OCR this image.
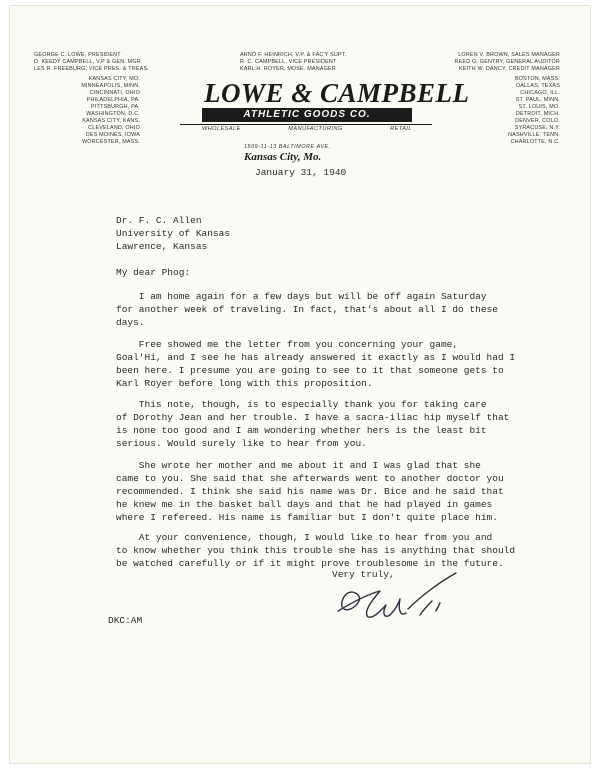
GEORGE C. LOWE, PRESIDENT
D. KEEDY CAMPBELL, V.P & GEN. MGR.
LES R. FREEBURG, VICE PRES. & TREAS.
ARNO F. HEINRICH, V.P. & FAC'Y SUPT.
R. C. CAMPBELL, VICE PRESIDENT
KARL H. ROYER, MDSE. MANAGER
LOREN V. BROWN, SALES MANAGER
REED G. GENTRY, GENERAL AUDITOR
KEITH W. DANCY, CREDIT MANAGER
KANSAS CITY, MO.
MINNEAPOLIS, MINN.
CINCINNATI, OHIO
PHILADELPHIA, PA.
PITTSBURGH, PA.
WASHINGTON, D.C.
KANSAS CITY, KANS.
CLEVELAND, OHIO
DES MOINES, IOWA
WORCESTER, MASS.
BOSTON, MASS.
DALLAS, TEXAS
CHICAGO, ILL.
ST. PAUL, MINN.
ST. LOUIS, MO.
DETROIT, MICH.
DENVER, COLO.
SYRACUSE, N.Y.
NASHVILLE, TENN.
CHARLOTTE, N.C.
LOWE & CAMPBELL
ATHLETIC GOODS CO.
WHOLESALE	MANUFACTURING	RETAIL
1509-11-13 BALTIMORE AVE.
Kansas City, Mo.
January 31, 1940
Dr. F. C. Allen
University of Kansas
Lawrence, Kansas
My dear Phog:
I am home again for a few days but will be off again Saturday
for another week of traveling. In fact, that's about all I do these
days.
Free showed me the letter from you concerning your game,
Goal'Hi, and I see he has already answered it exactly as I would had I
been here. I presume you are going to see to it that someone gets to
Karl Royer before long with this proposition.
This note, though, is to especially thank you for taking care
of Dorothy Jean and her trouble. I have a sacra-iliac hip myself that
is none too good and I am wondering whether hers is the least bit
serious. Would surely like to hear from you.
She wrote her mother and me about it and I was glad that she
came to you. She said that she afterwards went to another doctor you
recommended. I think she said his name was Dr. Bice and he said that
he knew me in the basket ball days and that he had played in games
where I refereed. His name is familiar but I don't quite place him.
At your convenience, though, I would like to hear from you and
to know whether you think this trouble she has is anything that should
be watched carefully or if it might prove troublesome in the future.
Very truly,
DKC:AM
